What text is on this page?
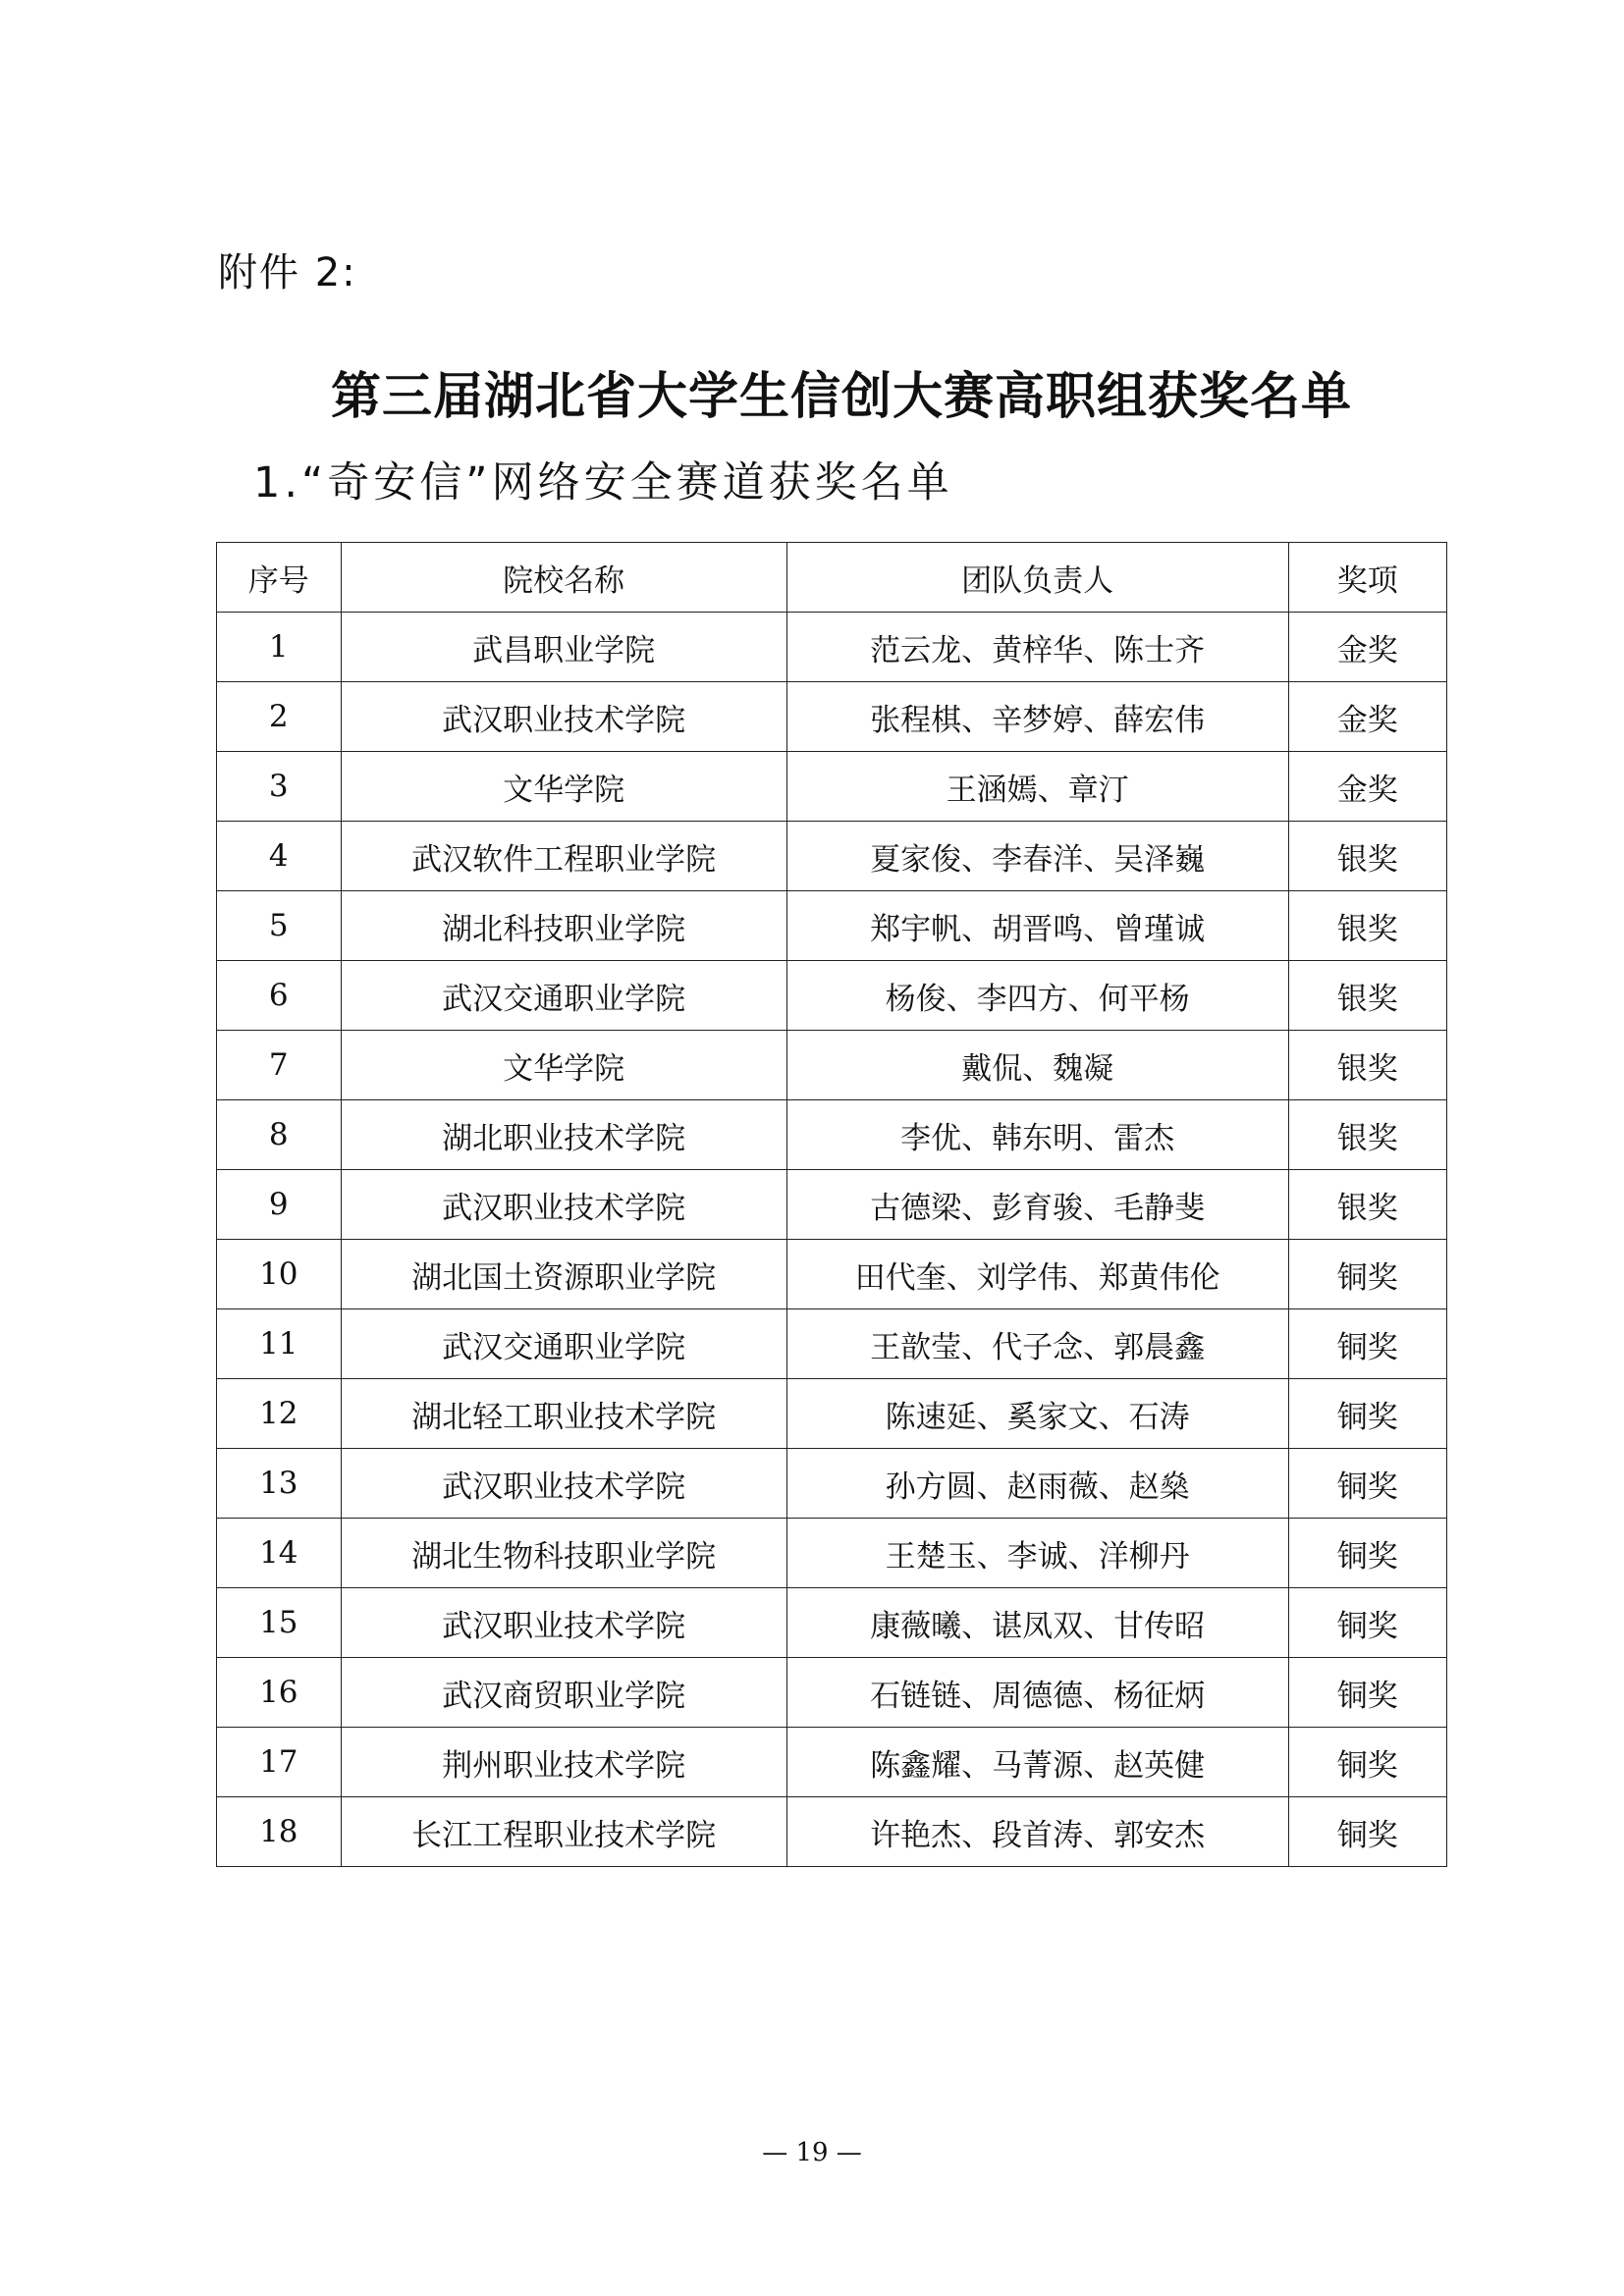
附件 2:
第三届湖北省大学生信创大赛高职组获奖名单
1.“奇安信”网络安全赛道获奖名单
序号	院校名称	团队负责人	奖项
1	武昌职业学院	范云龙、黄梓华、陈士齐	金奖
2	武汉职业技术学院	张程棋、辛梦婷、薛宏伟	金奖
3	文华学院	王涵嫣、章汀	金奖
4	武汉软件工程职业学院	夏家俊、李春洋、吴泽巍	银奖
5	湖北科技职业学院	郑宇帆、胡晋鸣、曾瑾诚	银奖
6	武汉交通职业学院	杨俊、李四方、何平杨	银奖
7	文华学院	戴侃、魏凝	银奖
8	湖北职业技术学院	李优、韩东明、雷杰	银奖
9	武汉职业技术学院	古德梁、彭育骏、毛静斐	银奖
10	湖北国土资源职业学院	田代奎、刘学伟、郑黄伟伦	铜奖
11	武汉交通职业学院	王歆莹、代子念、郭晨鑫	铜奖
12	湖北轻工职业技术学院	陈速延、奚家文、石涛	铜奖
13	武汉职业技术学院	孙方圆、赵雨薇、赵燊	铜奖
14	湖北生物科技职业学院	王楚玉、李诚、洋柳丹	铜奖
15	武汉职业技术学院	康薇曦、谌凤双、甘传昭	铜奖
16	武汉商贸职业学院	石链链、周德德、杨征炳	铜奖
17	荆州职业技术学院	陈鑫耀、马菁源、赵英健	铜奖
18	长江工程职业技术学院	许艳杰、段首涛、郭安杰	铜奖
— 19 —
